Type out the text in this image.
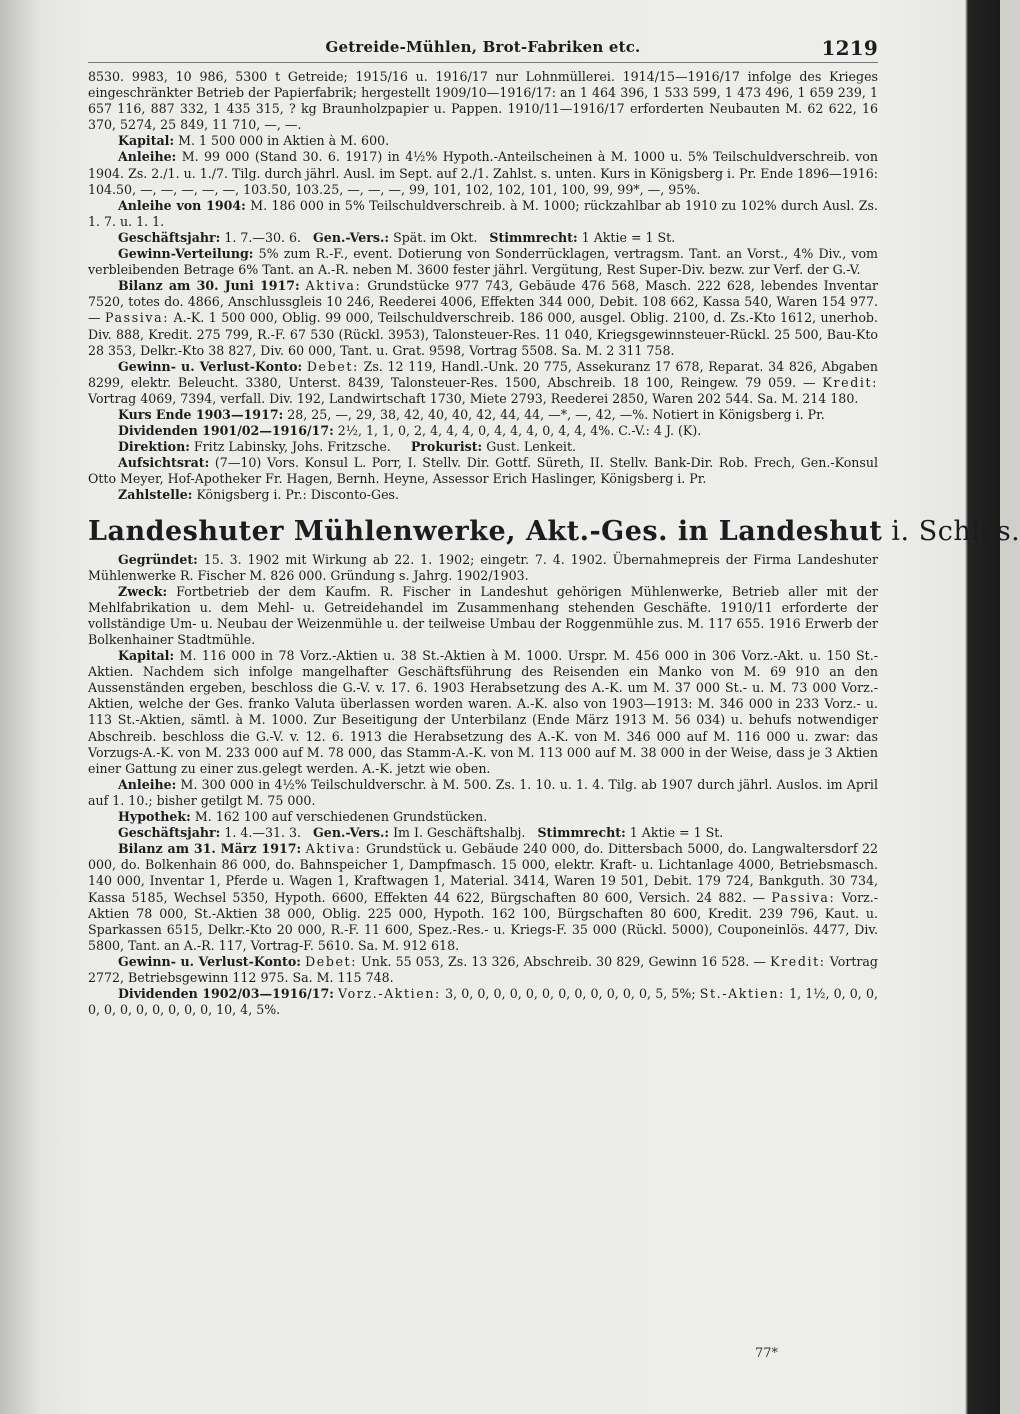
Getreide-Mühlen, Brot-Fabriken etc.	1219

8530. 9983, 10 986, 5300 t Getreide; 1915/16 u. 1916/17 nur Lohnmüllerei. 1914/15—1916/17 infolge des Krieges eingeschränkter Betrieb der Papierfabrik; hergestellt 1909/10—1916/17: an 1 464 396, 1 533 599, 1 473 496, 1 659 239, 1 657 116, 887 332, 1 435 315, ? kg Braunholzpapier u. Pappen. 1910/11—1916/17 erforderten Neubauten M. 62 622, 16 370, 5274, 25 849, 11 710, —, —.

Kapital: M. 1 500 000 in Aktien à M. 600.

Anleihe: M. 99 000 (Stand 30. 6. 1917) in 4½% Hypoth.-Anteilscheinen à M. 1000 u. 5% Teilschuldverschreib. von 1904. Zs. 2./1. u. 1./7. Tilg. durch jährl. Ausl. im Sept. auf 2./1. Zahlst. s. unten. Kurs in Königsberg i. Pr. Ende 1896—1916: 104.50, —, —, —, —, —, 103.50, 103.25, —, —, —, 99, 101, 102, 102, 101, 100, 99, 99*, —, 95%.

Anleihe von 1904: M. 186 000 in 5% Teilschuldverschreib. à M. 1000; rückzahlbar ab 1910 zu 102% durch Ausl. Zs. 1. 7. u. 1. 1.

Geschäftsjahr: 1. 7.—30. 6. Gen.-Vers.: Spät. im Okt. Stimmrecht: 1 Aktie = 1 St.

Gewinn-Verteilung: 5% zum R.-F., event. Dotierung von Sonderrücklagen, vertragsm. Tant. an Vorst., 4% Div., vom verbleibenden Betrage 6% Tant. an A.-R. neben M. 3600 fester jährl. Vergütung, Rest Super-Div. bezw. zur Verf. der G.-V.

Bilanz am 30. Juni 1917: Aktiva: Grundstücke 977 743, Gebäude 476 568, Masch. 222 628, lebendes Inventar 7520, totes do. 4866, Anschlussgleis 10 246, Reederei 4006, Effekten 344 000, Debit. 108 662, Kassa 540, Waren 154 977. — Passiva: A.-K. 1 500 000, Oblig. 99 000, Teilschuldverschreib. 186 000, ausgel. Oblig. 2100, d. Zs.-Kto 1612, unerhob. Div. 888, Kredit. 275 799, R.-F. 67 530 (Rückl. 3953), Talonsteuer-Res. 11 040, Kriegsgewinnsteuer-Rückl. 25 500, Bau-Kto 28 353, Delkr.-Kto 38 827, Div. 60 000, Tant. u. Grat. 9598, Vortrag 5508. Sa. M. 2 311 758.

Gewinn- u. Verlust-Konto: Debet: Zs. 12 119, Handl.-Unk. 20 775, Assekuranz 17 678, Reparat. 34 826, Abgaben 8299, elektr. Beleucht. 3380, Unterst. 8439, Talonsteuer-Res. 1500, Abschreib. 18 100, Reingew. 79 059. — Kredit: Vortrag 4069, 7394, verfall. Div. 192, Landwirtschaft 1730, Miete 2793, Reederei 2850, Waren 202 544. Sa. M. 214 180.

Kurs Ende 1903—1917: 28, 25, —, 29, 38, 42, 40, 40, 42, 44, 44, —*, —, 42, —%. Notiert in Königsberg i. Pr.

Dividenden 1901/02—1916/17: 2½, 1, 1, 0, 2, 4, 4, 4, 0, 4, 4, 4, 0, 4, 4, 4%. C.-V.: 4 J. (K).

Direktion: Fritz Labinsky, Johs. Fritzsche. Prokurist: Gust. Lenkeit.

Aufsichtsrat: (7—10) Vors. Konsul L. Porr, I. Stellv. Dir. Gottf. Süreth, II. Stellv. Bank-Dir. Rob. Frech, Gen.-Konsul Otto Meyer, Hof-Apotheker Fr. Hagen, Bernh. Heyne, Assessor Erich Haslinger, Königsberg i. Pr.

Zahlstelle: Königsberg i. Pr.: Disconto-Ges.

Landeshuter Mühlenwerke, Akt.-Ges. in Landeshut i. Schles.

Gegründet: 15. 3. 1902 mit Wirkung ab 22. 1. 1902; eingetr. 7. 4. 1902. Übernahmepreis der Firma Landeshuter Mühlenwerke R. Fischer M. 826 000. Gründung s. Jahrg. 1902/1903.

Zweck: Fortbetrieb der dem Kaufm. R. Fischer in Landeshut gehörigen Mühlenwerke, Betrieb aller mit der Mehlfabrikation u. dem Mehl- u. Getreidehandel im Zusammenhang stehenden Geschäfte. 1910/11 erforderte der vollständige Um- u. Neubau der Weizenmühle u. der teilweise Umbau der Roggenmühle zus. M. 117 655. 1916 Erwerb der Bolkenhainer Stadtmühle.

Kapital: M. 116 000 in 78 Vorz.-Aktien u. 38 St.-Aktien à M. 1000. Urspr. M. 456 000 in 306 Vorz.-Akt. u. 150 St.-Aktien. Nachdem sich infolge mangelhafter Geschäftsführung des Reisenden ein Manko von M. 69 910 an den Aussenständen ergeben, beschloss die G.-V. v. 17. 6. 1903 Herabsetzung des A.-K. um M. 37 000 St.- u. M. 73 000 Vorz.-Aktien, welche der Ges. franko Valuta überlassen worden waren. A.-K. also von 1903—1913: M. 346 000 in 233 Vorz.- u. 113 St.-Aktien, sämtl. à M. 1000. Zur Beseitigung der Unterbilanz (Ende März 1913 M. 56 034) u. behufs notwendiger Abschreib. beschloss die G.-V. v. 12. 6. 1913 die Herabsetzung des A.-K. von M. 346 000 auf M. 116 000 u. zwar: das Vorzugs-A.-K. von M. 233 000 auf M. 78 000, das Stamm-A.-K. von M. 113 000 auf M. 38 000 in der Weise, dass je 3 Aktien einer Gattung zu einer zus.gelegt werden. A.-K. jetzt wie oben.

Anleihe: M. 300 000 in 4½% Teilschuldverschr. à M. 500. Zs. 1. 10. u. 1. 4. Tilg. ab 1907 durch jährl. Auslos. im April auf 1. 10.; bisher getilgt M. 75 000.

Hypothek: M. 162 100 auf verschiedenen Grundstücken.

Geschäftsjahr: 1. 4.—31. 3. Gen.-Vers.: Im I. Geschäftshalbj. Stimmrecht: 1 Aktie = 1 St.

Bilanz am 31. März 1917: Aktiva: Grundstück u. Gebäude 240 000, do. Dittersbach 5000, do. Langwaltersdorf 22 000, do. Bolkenhain 86 000, do. Bahnspeicher 1, Dampfmasch. 15 000, elektr. Kraft- u. Lichtanlage 4000, Betriebsmasch. 140 000, Inventar 1, Pferde u. Wagen 1, Kraftwagen 1, Material. 3414, Waren 19 501, Debit. 179 724, Bankguth. 30 734, Kassa 5185, Wechsel 5350, Hypoth. 6600, Effekten 44 622, Bürgschaften 80 600, Versich. 24 882. — Passiva: Vorz.-Aktien 78 000, St.-Aktien 38 000, Oblig. 225 000, Hypoth. 162 100, Bürgschaften 80 600, Kredit. 239 796, Kaut. u. Sparkassen 6515, Delkr.-Kto 20 000, R.-F. 11 600, Spez.-Res.- u. Kriegs-F. 35 000 (Rückl. 5000), Couponeinlös. 4477, Div. 5800, Tant. an A.-R. 117, Vortrag-F. 5610. Sa. M. 912 618.

Gewinn- u. Verlust-Konto: Debet: Unk. 55 053, Zs. 13 326, Abschreib. 30 829, Gewinn 16 528. — Kredit: Vortrag 2772, Betriebsgewinn 112 975. Sa. M. 115 748.

Dividenden 1902/03—1916/17: Vorz.-Aktien: 3, 0, 0, 0, 0, 0, 0, 0, 0, 0, 0, 0, 0, 5, 5%; St.-Aktien: 1, 1½, 0, 0, 0, 0, 0, 0, 0, 0, 0, 0, 0, 10, 4, 5%.

77*
